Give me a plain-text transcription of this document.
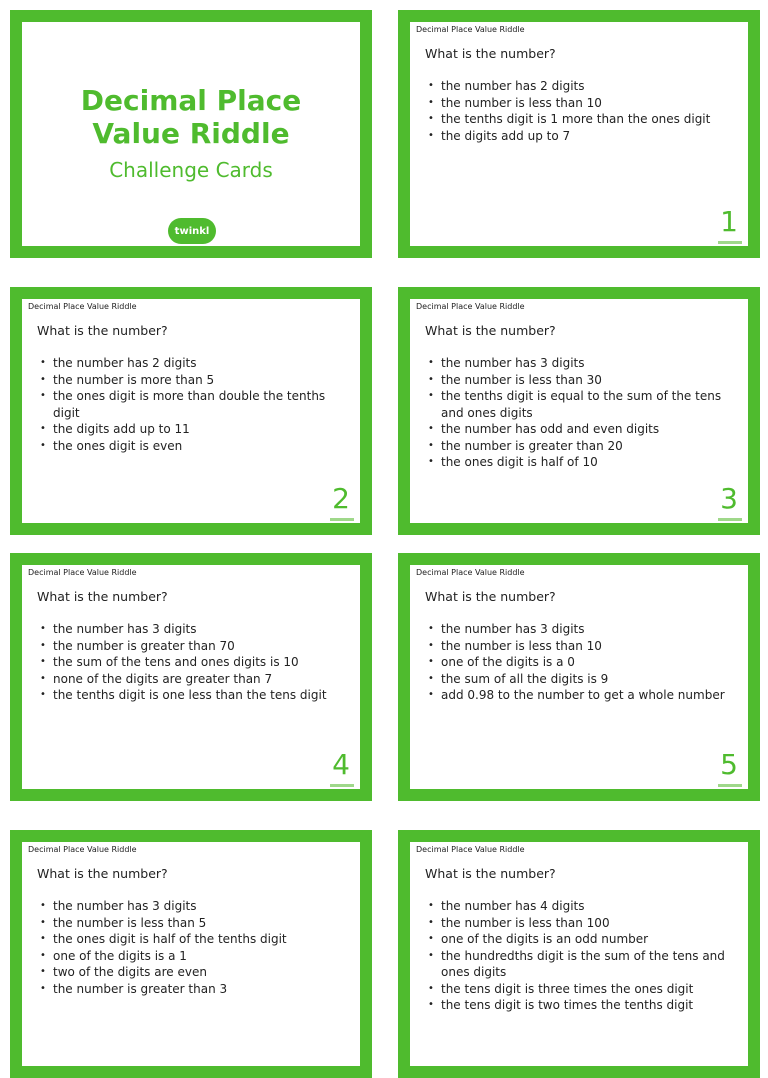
Decimal Place
Value Riddle
Challenge Cards
twinkl
Decimal Place Value Riddle
What is the number?
• the number has 2 digits
• the number is less than 10
• the tenths digit is 1 more than the ones digit
• the digits add up to 7
1
Decimal Place Value Riddle
What is the number?
• the number has 2 digits
• the number is more than 5
• the ones digit is more than double the tenths digit
• the digits add up to 11
• the ones digit is even
2
Decimal Place Value Riddle
What is the number?
• the number has 3 digits
• the number is less than 30
• the tenths digit is equal to the sum of the tens and ones digits
• the number has odd and even digits
• the number is greater than 20
• the ones digit is half of 10
3
Decimal Place Value Riddle
What is the number?
• the number has 3 digits
• the number is greater than 70
• the sum of the tens and ones digits is 10
• none of the digits are greater than 7
• the tenths digit is one less than the tens digit
4
Decimal Place Value Riddle
What is the number?
• the number has 3 digits
• the number is less than 10
• one of the digits is a 0
• the sum of all the digits is 9
• add 0.98 to the number to get a whole number
5
Decimal Place Value Riddle
What is the number?
• the number has 3 digits
• the number is less than 5
• the ones digit is half of the tenths digit
• one of the digits is a 1
• two of the digits are even
• the number is greater than 3
Decimal Place Value Riddle
What is the number?
• the number has 4 digits
• the number is less than 100
• one of the digits is an odd number
• the hundredths digit is the sum of the tens and ones digits
• the tens digit is three times the ones digit
• the tens digit is two times the tenths digit
